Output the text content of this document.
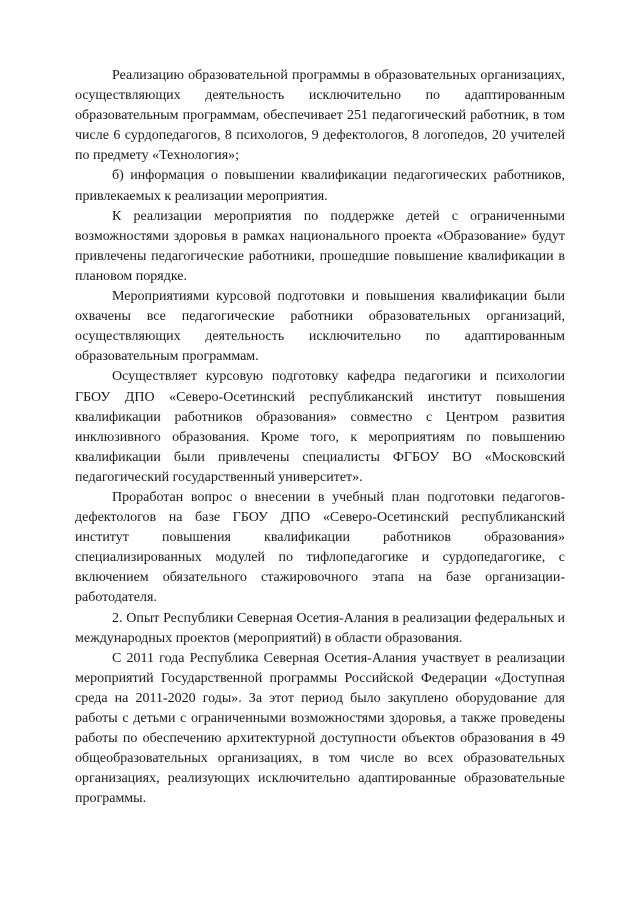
Реализацию образовательной программы в образовательных организациях, осуществляющих деятельность исключительно по адаптированным образовательным программам, обеспечивает 251 педагогический работник, в том числе 6 сурдопедагогов, 8 психологов, 9 дефектологов, 8 логопедов, 20 учителей по предмету «Технология»;

б) информация о повышении квалификации педагогических работников, привлекаемых к реализации мероприятия.

К реализации мероприятия по поддержке детей с ограниченными возможностями здоровья в рамках национального проекта «Образование» будут привлечены педагогические работники, прошедшие повышение квалификации в плановом порядке.

Мероприятиями курсовой подготовки и повышения квалификации были охвачены все педагогические работники образовательных организаций, осуществляющих деятельность исключительно по адаптированным образовательным программам.

Осуществляет курсовую подготовку кафедра педагогики и психологии ГБОУ ДПО «Северо-Осетинский республиканский институт повышения квалификации работников образования» совместно с Центром развития инклюзивного образования. Кроме того, к мероприятиям по повышению квалификации были привлечены специалисты ФГБОУ ВО «Московский педагогический государственный университет».

Проработан вопрос о внесении в учебный план подготовки педагогов-дефектологов на базе ГБОУ ДПО «Северо-Осетинский республиканский институт повышения квалификации работников образования» специализированных модулей по тифлопедагогике и сурдопедагогике, с включением обязательного стажировочного этапа на базе организации-работодателя.

2. Опыт Республики Северная Осетия-Алания в реализации федеральных и международных проектов (мероприятий) в области образования.

С 2011 года Республика Северная Осетия-Алания участвует в реализации мероприятий Государственной программы Российской Федерации «Доступная среда на 2011-2020 годы». За этот период было закуплено оборудование для работы с детьми с ограниченными возможностями здоровья, а также проведены работы по обеспечению архитектурной доступности объектов образования в 49 общеобразовательных организациях, в том числе во всех образовательных организациях, реализующих исключительно адаптированные образовательные программы.
